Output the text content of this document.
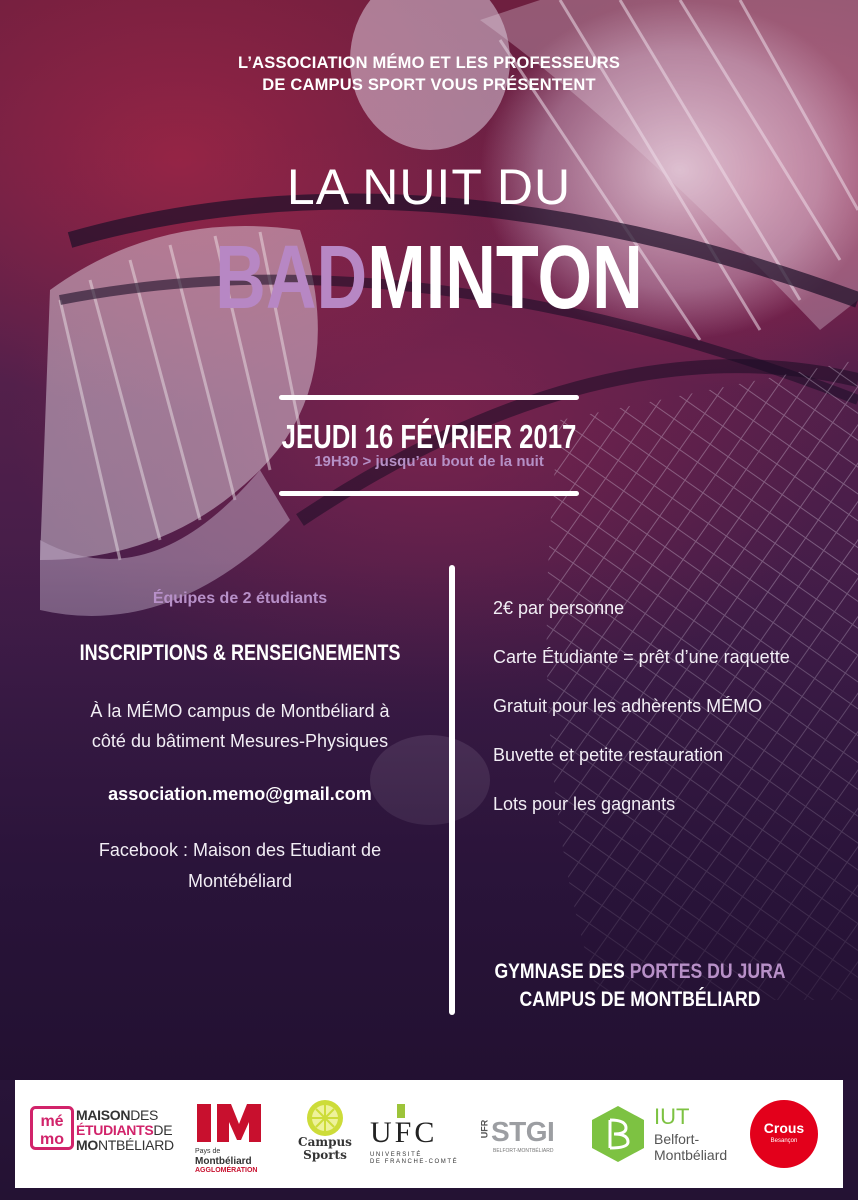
L’ASSOCIATION MÉMO ET LES PROFESSEURS
DE CAMPUS SPORT VOUS PRÉSENTENT
LA NUIT DU
BADMINTON
JEUDI 16 FÉVRIER 2017
19H30 > jusqu’au bout de la nuit
Équipes de 2 étudiants
INSCRIPTIONS & RENSEIGNEMENTS
À la MÉMO campus de Montbéliard à
côté du bâtiment Mesures-Physiques
association.memo@gmail.com
Facebook : Maison des Etudiant de
Montébéliard
2€ par personne
Carte Étudiante = prêt d’une raquette
Gratuit pour les adhèrents MÉMO
Buvette et petite restauration
Lots pour les gagnants
GYMNASE DES PORTES DU JURA
CAMPUS DE MONTBÉLIARD
mé
mo
MAISONDES
ÉTUDIANTSDE
MONTBÉLIARD	Pays de
Montbéliard
AGGLOMÉRATION
Campus
Sports
UFC
UNIVERSITÉ
DE FRANCHE-COMTÉ
UFR STGI
BELFORT-MONTBÉLIARD
IUT
Belfort-
Montbéliard
Crous
Besançon
